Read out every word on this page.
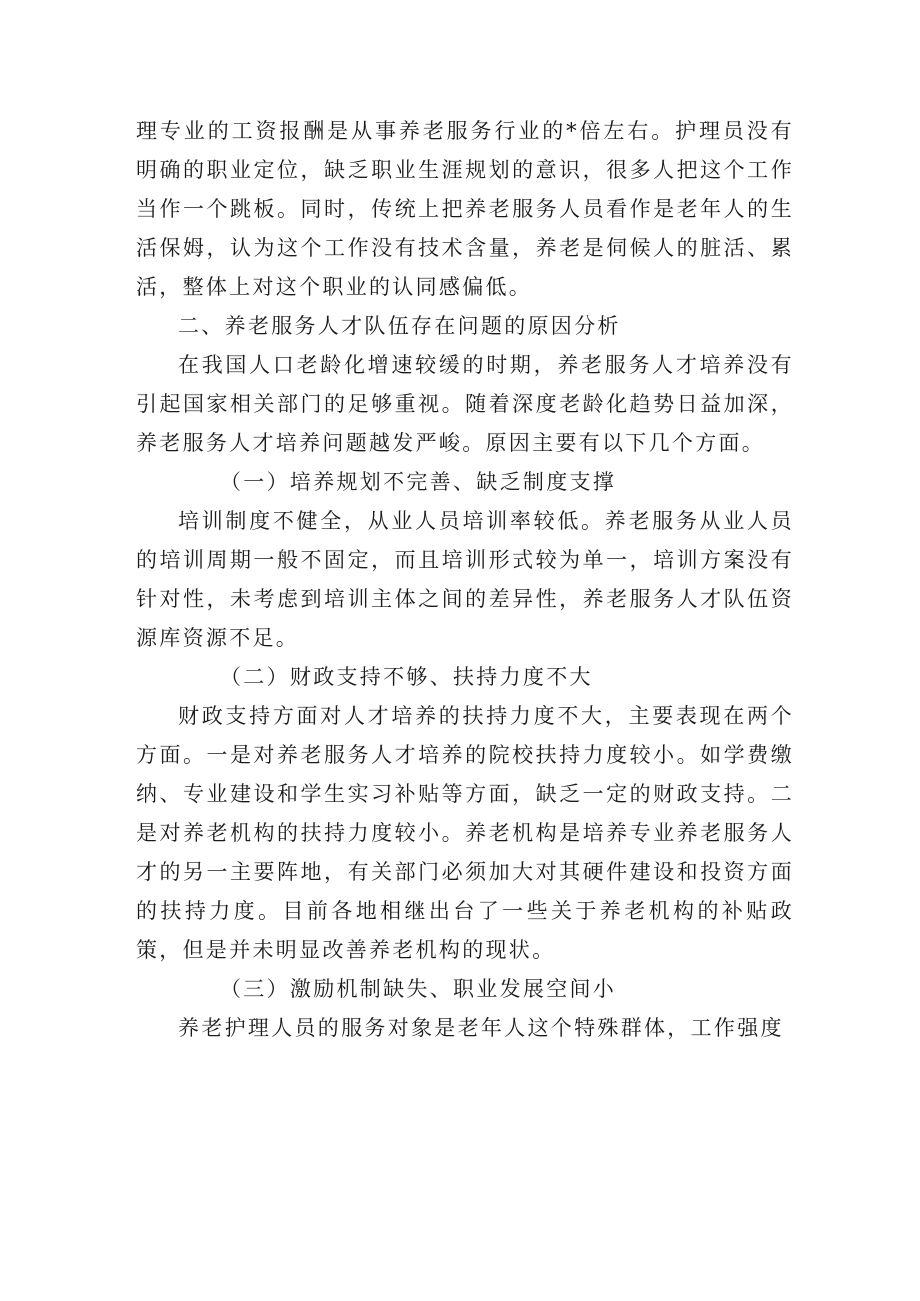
理专业的工资报酬是从事养老服务行业的*倍左右。护理员没有明确的职业定位，缺乏职业生涯规划的意识，很多人把这个工作当作一个跳板。同时，传统上把养老服务人员看作是老年人的生活保姆，认为这个工作没有技术含量，养老是伺候人的脏活、累活，整体上对这个职业的认同感偏低。

二、养老服务人才队伍存在问题的原因分析

在我国人口老龄化增速较缓的时期，养老服务人才培养没有引起国家相关部门的足够重视。随着深度老龄化趋势日益加深，养老服务人才培养问题越发严峻。原因主要有以下几个方面。

（一）培养规划不完善、缺乏制度支撑

培训制度不健全，从业人员培训率较低。养老服务从业人员的培训周期一般不固定，而且培训形式较为单一，培训方案没有针对性，未考虑到培训主体之间的差异性，养老服务人才队伍资源库资源不足。

（二）财政支持不够、扶持力度不大

财政支持方面对人才培养的扶持力度不大，主要表现在两个方面。一是对养老服务人才培养的院校扶持力度较小。如学费缴纳、专业建设和学生实习补贴等方面，缺乏一定的财政支持。二是对养老机构的扶持力度较小。养老机构是培养专业养老服务人才的另一主要阵地，有关部门必须加大对其硬件建设和投资方面的扶持力度。目前各地相继出台了一些关于养老机构的补贴政策，但是并未明显改善养老机构的现状。

（三）激励机制缺失、职业发展空间小

养老护理人员的服务对象是老年人这个特殊群体，工作强度
